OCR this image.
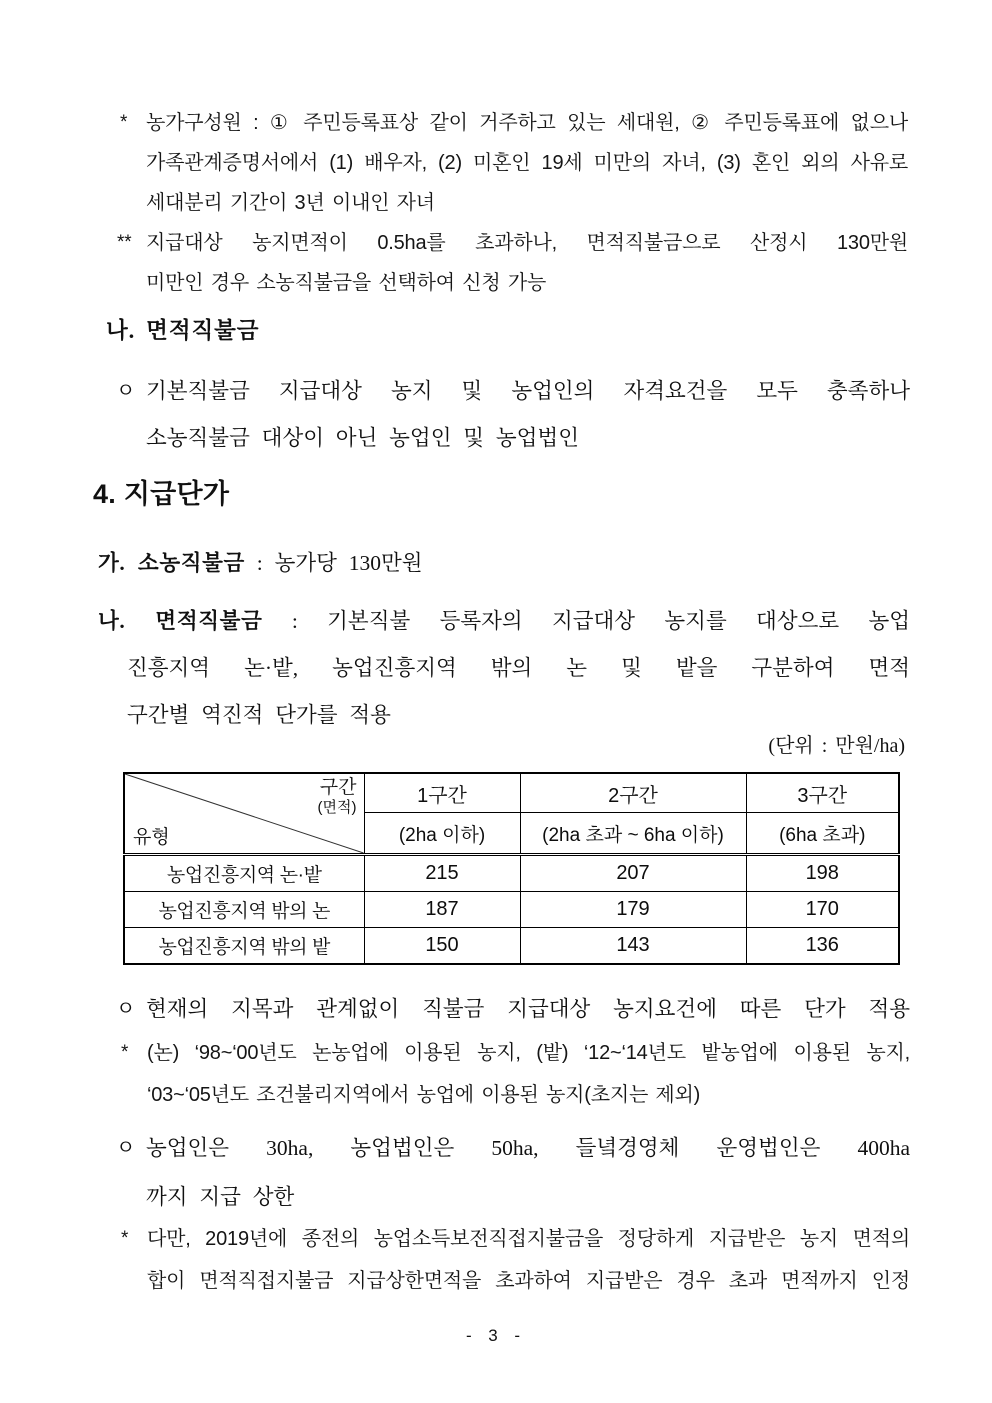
* 농가구성원 : ① 주민등록표상 같이 거주하고 있는 세대원, ② 주민등록표에 없으나
가족관계증명서에서 (1) 배우자, (2) 미혼인 19세 미만의 자녀, (3) 혼인 외의 사유로
세대분리 기간이 3년 이내인 자녀
** 지급대상 농지면적이 0.5ha를 초과하나, 면적직불금으로 산정시 130만원
미만인 경우 소농직불금을 선택하여 신청 가능
나. 면적직불금
ㅇ 기본직불금 지급대상 농지 및 농업인의 자격요건을 모두 충족하나
소농직불금 대상이 아닌 농업인 및 농업법인
4. 지급단가
가. 소농직불금 : 농가당 130만원
나. 면적직불금 : 기본직불 등록자의 지급대상 농지를 대상으로 농업
진흥지역 논·밭, 농업진흥지역 밖의 논 및 밭을 구분하여 면적
구간별 역진적 단가를 적용
(단위 : 만원/ha)
구간
(면적)
유형	1구간	2구간	3구간
	(2ha 이하)	(2ha 초과 ~ 6ha 이하)	(6ha 초과)
농업진흥지역 논·밭	215	207	198
농업진흥지역 밖의 논	187	179	170
농업진흥지역 밖의 밭	150	143	136
ㅇ 현재의 지목과 관계없이 직불금 지급대상 농지요건에 따른 단가 적용
* (논) ‘98~‘00년도 논농업에 이용된 농지, (밭) ‘12~‘14년도 밭농업에 이용된 농지,
‘03~‘05년도 조건불리지역에서 농업에 이용된 농지(초지는 제외)
ㅇ 농업인은 30ha, 농업법인은 50ha, 들녘경영체 운영법인은 400ha
까지 지급 상한
* 다만, 2019년에 종전의 농업소득보전직접지불금을 정당하게 지급받은 농지 면적의
합이 면적직접지불금 지급상한면적을 초과하여 지급받은 경우 초과 면적까지 인정
- 3 -
